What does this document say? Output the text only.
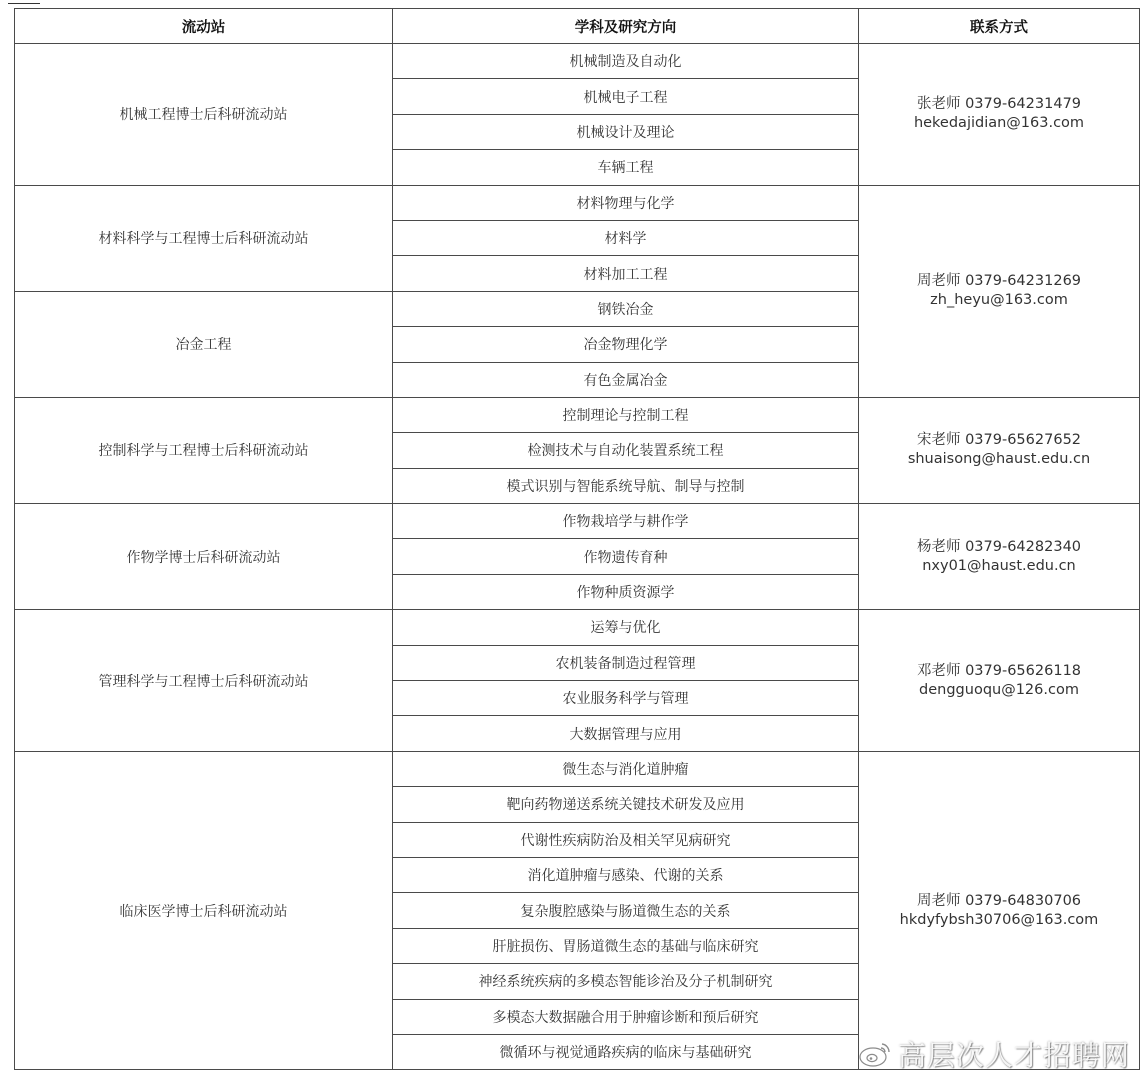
流动站	学科及研究方向	联系方式
机械工程博士后科研流动站	机械制造及自动化	张老师 0379-64231479
hekedajidian@163.com

	机械电子工程	
	机械设计及理论	
	车辆工程	
材料科学与工程博士后科研流动站	材料物理与化学	周老师 0379-64231269
zh_heyu@163.com

	材料学	
	材料加工工程	
冶金工程	钢铁冶金	
	冶金物理化学	
	有色金属冶金	
控制科学与工程博士后科研流动站	控制理论与控制工程	宋老师 0379-65627652
shuaisong@haust.edu.cn

	检测技术与自动化装置系统工程	
	模式识别与智能系统导航、制导与控制	
作物学博士后科研流动站	作物栽培学与耕作学	杨老师 0379-64282340
nxy01@haust.edu.cn

	作物遗传育种	
	作物种质资源学	
管理科学与工程博士后科研流动站	运筹与优化	邓老师 0379-65626118
dengguoqu@126.com

	农机装备制造过程管理	
	农业服务科学与管理	
	大数据管理与应用	
临床医学博士后科研流动站	微生态与消化道肿瘤	周老师 0379-64830706
hkdyfybsh30706@163.com

	靶向药物递送系统关键技术研发及应用	
	代谢性疾病防治及相关罕见病研究	
	消化道肿瘤与感染、代谢的关系	
	复杂腹腔感染与肠道微生态的关系	
	肝脏损伤、胃肠道微生态的基础与临床研究	
	神经系统疾病的多模态智能诊治及分子机制研究	
	多模态大数据融合用于肿瘤诊断和预后研究	
	微循环与视觉通路疾病的临床与基础研究		高层次人才招聘网
